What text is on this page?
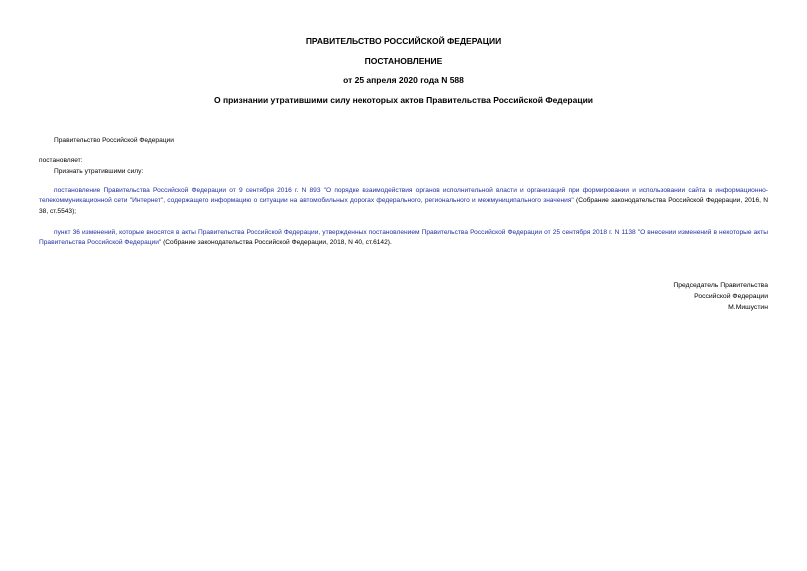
ПРАВИТЕЛЬСТВО РОССИЙСКОЙ ФЕДЕРАЦИИ
ПОСТАНОВЛЕНИЕ
от 25 апреля 2020 года N 588
О признании утратившими силу некоторых актов Правительства Российской Федерации
Правительство Российской Федерации
постановляет:
Признать утратившими силу:
постановление Правительства Российской Федерации от 9 сентября 2016 г. N 893 "О порядке взаимодействия органов исполнительной власти и организаций при формировании и использовании сайта в информационно-телекоммуникационной сети "Интернет", содержащего информацию о ситуации на автомобильных дорогах федерального, регионального и межмуниципального значения" (Собрание законодательства Российской Федерации, 2016, N 38, ст.5543);
пункт 36 изменений, которые вносятся в акты Правительства Российской Федерации, утвержденных постановлением Правительства Российской Федерации от 25 сентября 2018 г. N 1138 "О внесении изменений в некоторые акты Правительства Российской Федерации" (Собрание законодательства Российской Федерации, 2018, N 40, ст.6142).
Председатель Правительства
Российской Федерации
М.Мишустин
